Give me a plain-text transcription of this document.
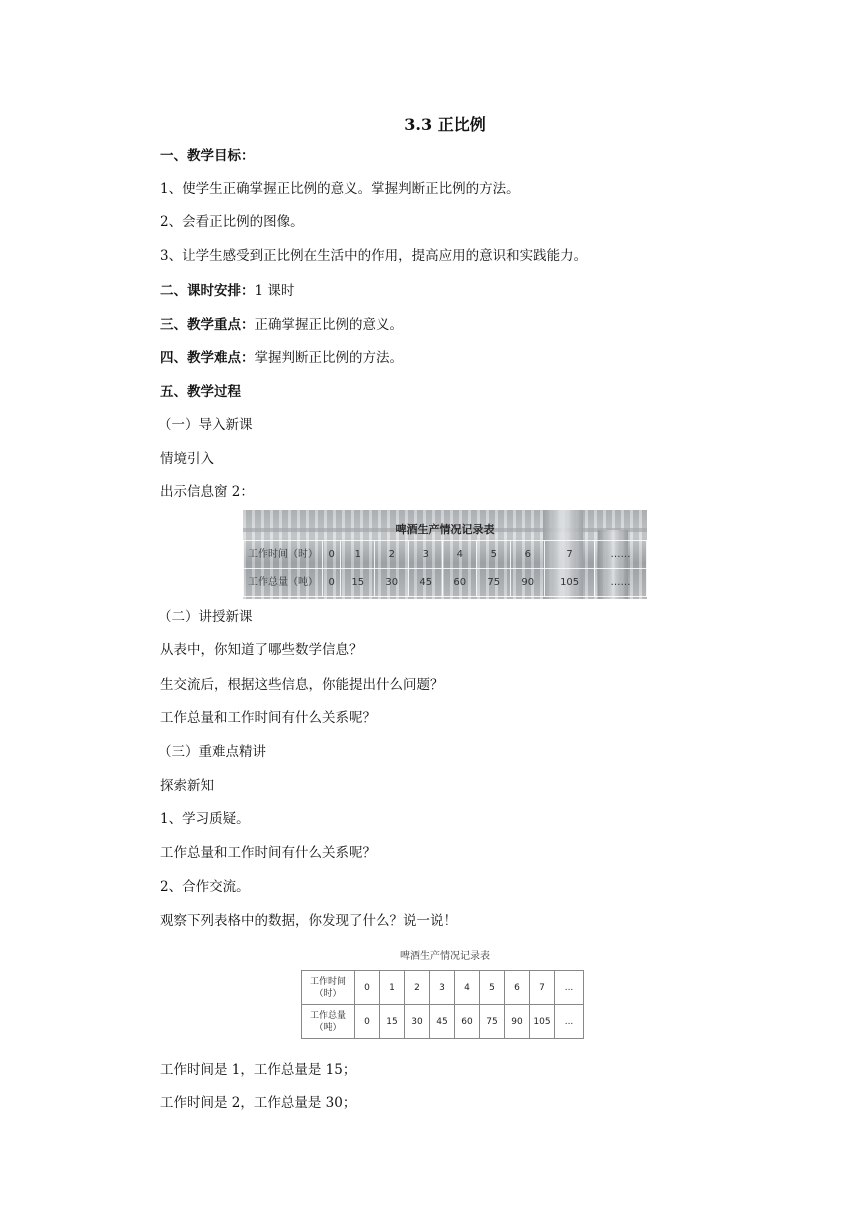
3.3 正比例
一、教学目标：
1、使学生正确掌握正比例的意义。掌握判断正比例的方法。
2、会看正比例的图像。
3、让学生感受到正比例在生活中的作用，提高应用的意识和实践能力。
二、课时安排：1 课时
三、教学重点：正确掌握正比例的意义。
四、教学难点：掌握判断正比例的方法。
五、教学过程
（一）导入新课
情境引入
出示信息窗 2：
啤酒生产情况记录表
工作时间（时）	0	1	2	3	4	5	6	7	……
工作总量（吨）	0	15	30	45	60	75	90	105	……
（二）讲授新课
从表中，你知道了哪些数学信息？
生交流后，根据这些信息，你能提出什么问题？
工作总量和工作时间有什么关系呢？
（三）重难点精讲
探索新知
1、学习质疑。
工作总量和工作时间有什么关系呢？
2、合作交流。
观察下列表格中的数据，你发现了什么？说一说！
啤酒生产情况记录表
工作时间
（时）	0	1	2	3	4	5	6	7	...
工作总量
（吨）	0	15	30	45	60	75	90	105	...
工作时间是 1，工作总量是 15；
工作时间是 2，工作总量是 30；
